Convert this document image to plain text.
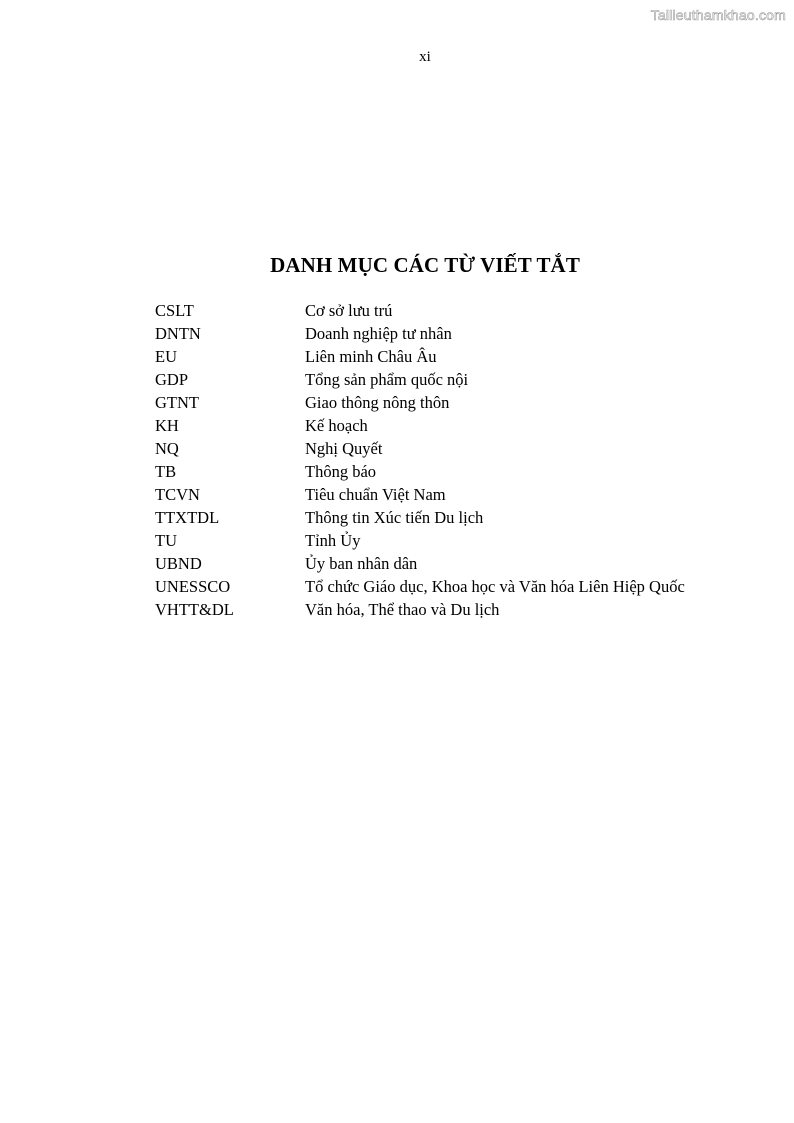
Tailieuthamkhao.com
xi
DANH MỤC CÁC TỪ VIẾT TẮT
CSLT	Cơ sở lưu trú
DNTN	Doanh nghiệp tư nhân
EU	Liên minh Châu Âu
GDP	Tổng sản phẩm quốc nội
GTNT	Giao thông nông thôn
KH	Kế hoạch
NQ	Nghị Quyết
TB	Thông báo
TCVN	Tiêu chuẩn Việt Nam
TTXTDL	Thông tin Xúc tiến Du lịch
TU	Tỉnh Ủy
UBND	Ủy ban nhân dân
UNESSCO	Tổ chức Giáo dục, Khoa học và Văn hóa Liên Hiệp Quốc
VHTT&DL	Văn hóa, Thể thao và Du lịch
